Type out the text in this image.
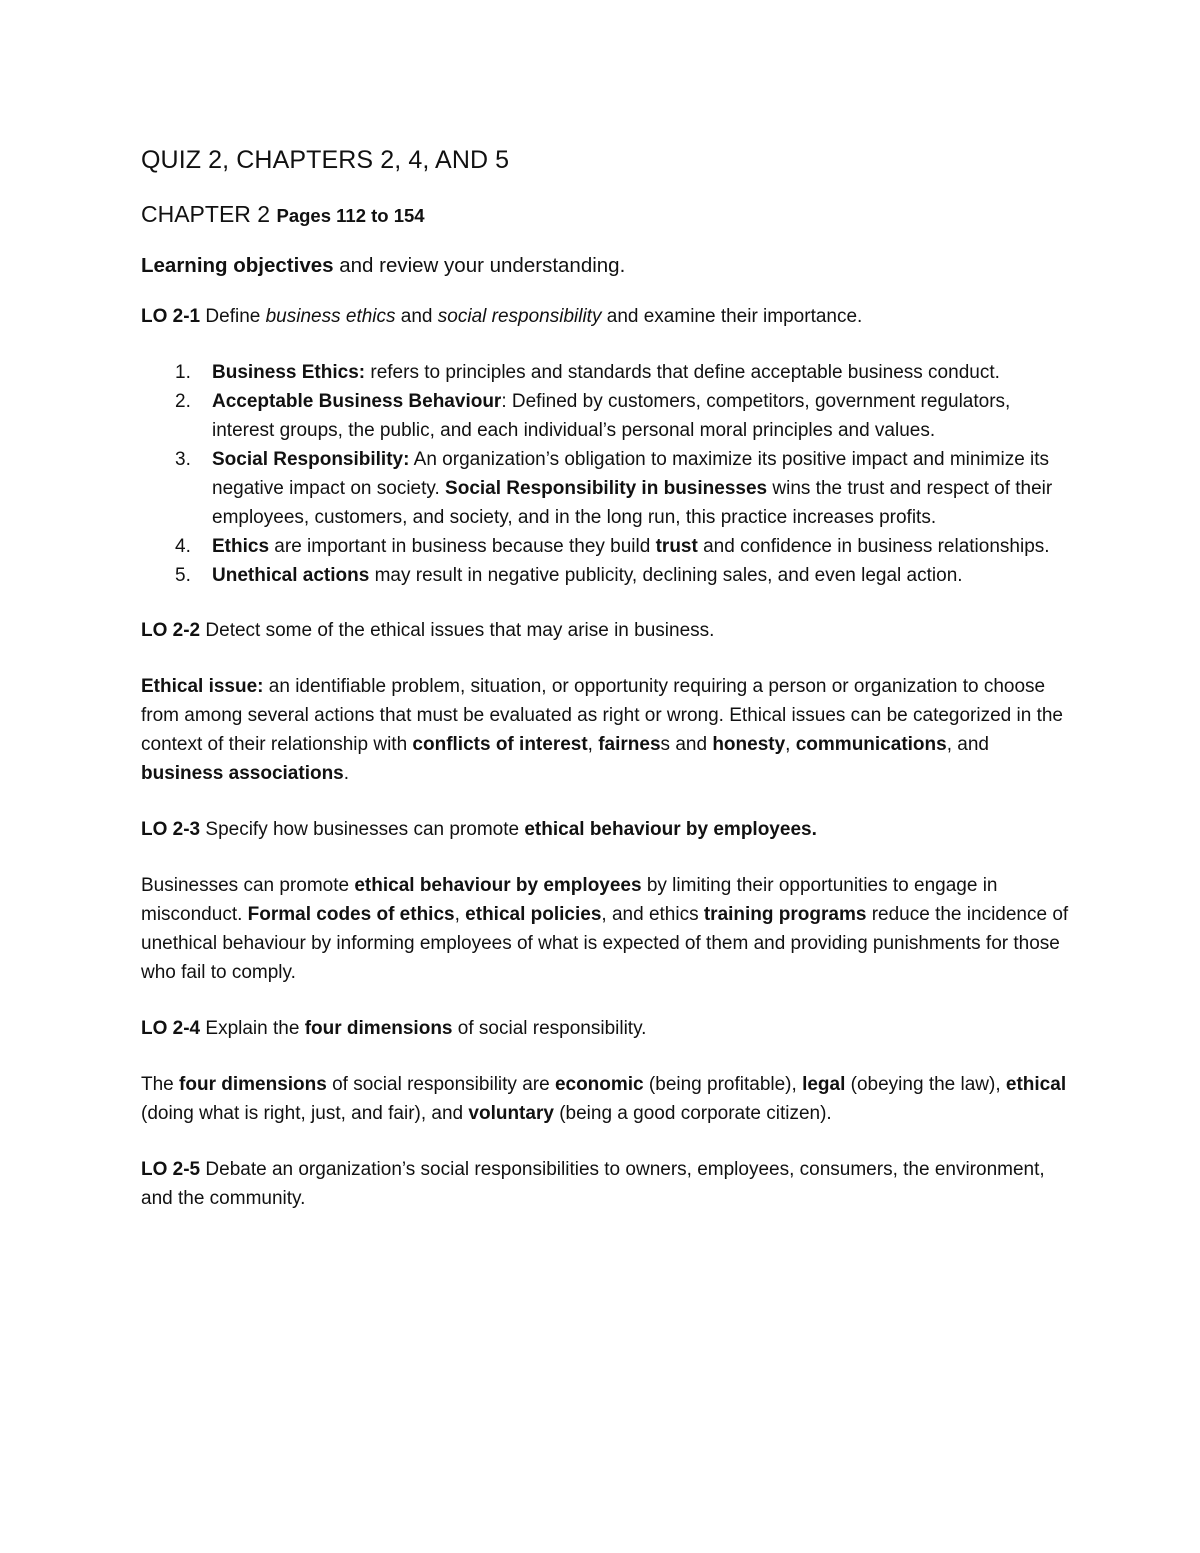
QUIZ 2, CHAPTERS 2, 4, AND 5
CHAPTER 2 Pages 112 to 154
Learning objectives and review your understanding.

LO 2-1 Define business ethics and social responsibility and examine their importance.

1. Business Ethics: refers to principles and standards that define acceptable business conduct.
2. Acceptable Business Behaviour: Defined by customers, competitors, government regulators, interest groups, the public, and each individual’s personal moral principles and values.
3. Social Responsibility: An organization’s obligation to maximize its positive impact and minimize its negative impact on society. Social Responsibility in businesses wins the trust and respect of their employees, customers, and society, and in the long run, this practice increases profits.
4. Ethics are important in business because they build trust and confidence in business relationships.
5. Unethical actions may result in negative publicity, declining sales, and even legal action.

LO 2-2 Detect some of the ethical issues that may arise in business.

Ethical issue: an identifiable problem, situation, or opportunity requiring a person or organization to choose from among several actions that must be evaluated as right or wrong. Ethical issues can be categorized in the context of their relationship with conflicts of interest, fairness and honesty, communications, and business associations.

LO 2-3 Specify how businesses can promote ethical behaviour by employees.

Businesses can promote ethical behaviour by employees by limiting their opportunities to engage in misconduct. Formal codes of ethics, ethical policies, and ethics training programs reduce the incidence of unethical behaviour by informing employees of what is expected of them and providing punishments for those who fail to comply.

LO 2-4 Explain the four dimensions of social responsibility.

The four dimensions of social responsibility are economic (being profitable), legal (obeying the law), ethical (doing what is right, just, and fair), and voluntary (being a good corporate citizen).

LO 2-5 Debate an organization’s social responsibilities to owners, employees, consumers, the environment, and the community.
